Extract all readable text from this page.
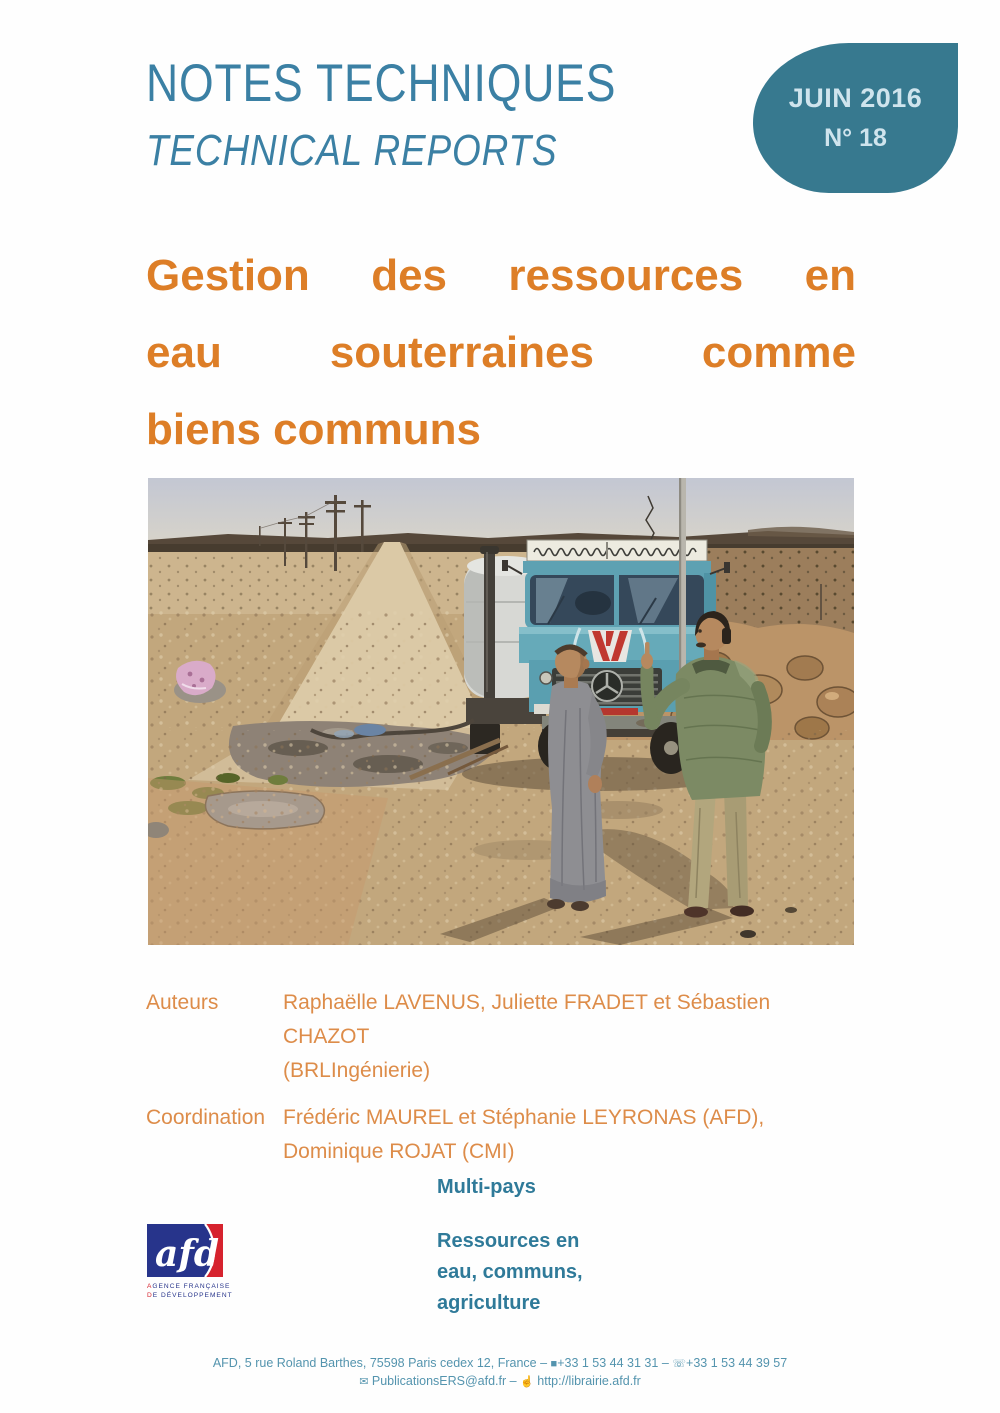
NOTES TECHNIQUES
TECHNICAL REPORTS
JUIN 2016
N° 18
Gestion des ressources en
eau souterraines comme
biens communs
Auteurs	Raphaëlle LAVENUS, Juliette FRADET et Sébastien CHAZOT
(BRLIngénierie)
Coordination Frédéric MAUREL et Stéphanie LEYRONAS (AFD),
Dominique ROJAT (CMI)
Multi-pays
Ressources en
eau, communs,
agriculture
afd
AGENCE FRANÇAISE
DE DÉVELOPPEMENT
AFD, 5 rue Roland Barthes, 75598 Paris cedex 12, France – ■+33 1 53 44 31 31 – ☏+33 1 53 44 39 57
✉ PublicationsERS@afd.fr – ☝ http://librairie.afd.fr
